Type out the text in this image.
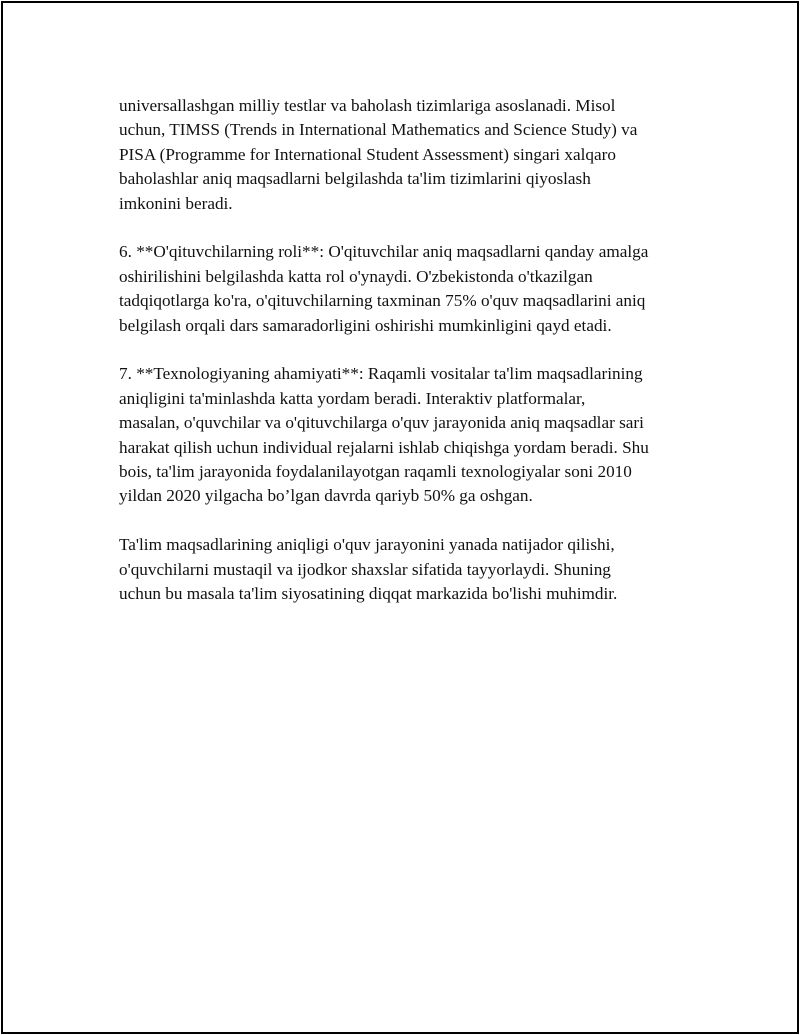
universallashgan milliy testlar va baholash tizimlariga asoslanadi. Misol
uchun, TIMSS (Trends in International Mathematics and Science Study) va
PISA (Programme for International Student Assessment) singari xalqaro
baholashlar aniq maqsadlarni belgilashda ta'lim tizimlarini qiyoslash
imkonini beradi.

6. **O'qituvchilarning roli**: O'qituvchilar aniq maqsadlarni qanday amalga
oshirilishini belgilashda katta rol o'ynaydi. O'zbekistonda o'tkazilgan
tadqiqotlarga ko'ra, o'qituvchilarning taxminan 75% o'quv maqsadlarini aniq
belgilash orqali dars samaradorligini oshirishi mumkinligini qayd etadi.

7. **Texnologiyaning ahamiyati**: Raqamli vositalar ta'lim maqsadlarining
aniqligini ta'minlashda katta yordam beradi. Interaktiv platformalar,
masalan, o'quvchilar va o'qituvchilarga o'quv jarayonida aniq maqsadlar sari
harakat qilish uchun individual rejalarni ishlab chiqishga yordam beradi. Shu
bois, ta'lim jarayonida foydalanilayotgan raqamli texnologiyalar soni 2010
yildan 2020 yilgacha bo’lgan davrda qariyb 50% ga oshgan.

Ta'lim maqsadlarining aniqligi o'quv jarayonini yanada natijador qilishi,
o'quvchilarni mustaqil va ijodkor shaxslar sifatida tayyorlaydi. Shuning
uchun bu masala ta'lim siyosatining diqqat markazida bo'lishi muhimdir.
